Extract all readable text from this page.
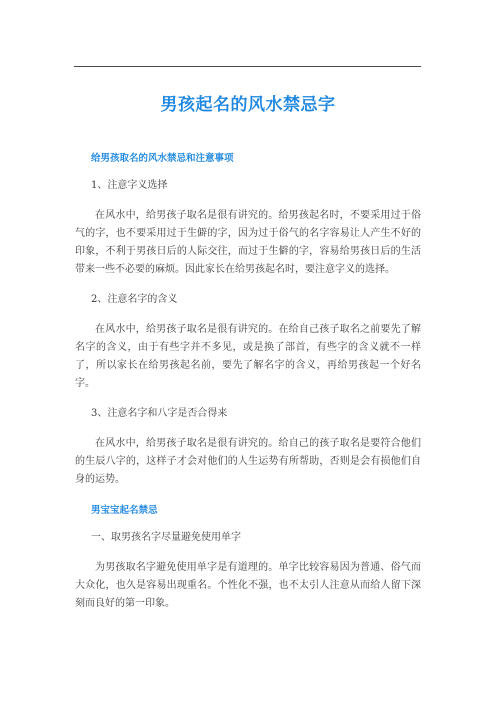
男孩起名的风水禁忌字
给男孩取名的风水禁忌和注意事项
1、注意字义选择

在风水中，给男孩子取名是很有讲究的。给男孩起名时，不要采用过于俗气的字，也不要采用过于生僻的字，因为过于俗气的名字容易让人产生不好的印象，不利于男孩日后的人际交往，而过于生僻的字，容易给男孩日后的生活带来一些不必要的麻烦。因此家长在给男孩起名时，要注意字义的选择。

2、注意名字的含义

在风水中，给男孩子取名是很有讲究的。在给自己孩子取名之前要先了解名字的含义，由于有些字并不多见，或是换了部首，有些字的含义就不一样了，所以家长在给男孩起名前，要先了解名字的含义，再给男孩起一个好名字。

3、注意名字和八字是否合得来

在风水中，给男孩子取名是很有讲究的。给自己的孩子取名是要符合他们的生辰八字的，这样子才会对他们的人生运势有所帮助，否则是会有损他们自身的运势。

男宝宝起名禁忌
一、取男孩名字尽量避免使用单字

为男孩取名字避免使用单字是有道理的。单字比较容易因为普通、俗气而大众化，也久是容易出现重名。个性化不强，也不太引人注意从而给人留下深刻而良好的第一印象。
